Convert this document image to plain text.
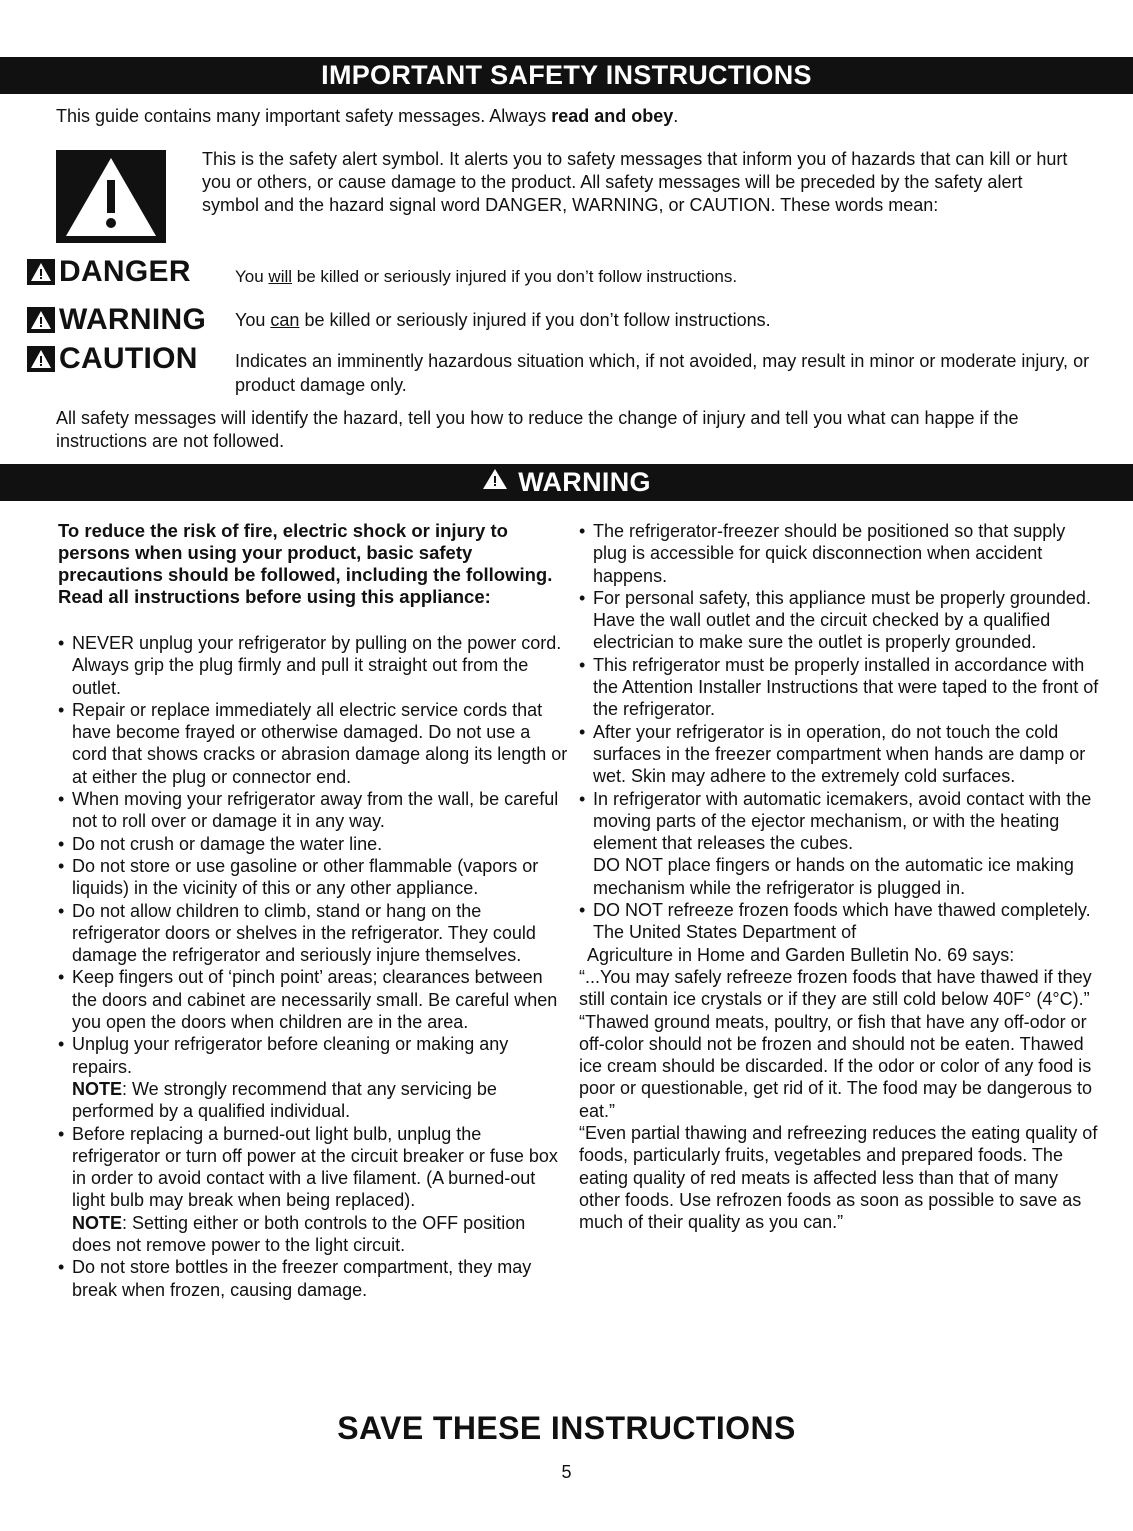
IMPORTANT SAFETY INSTRUCTIONS
This guide contains many important safety messages. Always read and obey.
This is the safety alert symbol. It alerts you to safety messages that inform you of hazards that can kill or hurt you or others, or cause damage to the product. All safety messages will be preceded by the safety alert symbol and the hazard signal word DANGER, WARNING, or CAUTION. These words mean:
DANGER	You will be killed or seriously injured if you don’t follow instructions.
WARNING You can be killed or seriously injured if you don’t follow instructions.
CAUTION Indicates an imminently hazardous situation which, if not avoided, may result in minor or moderate injury, or product damage only.
All safety messages will identify the hazard, tell you how to reduce the change of injury and tell you what can happe if the instructions are not followed.
WARNING

To reduce the risk of fire, electric shock or injury to persons when using your product, basic safety precautions should be followed, including the following. Read all instructions before using this appliance:

• NEVER unplug your refrigerator by pulling on the power cord. Always grip the plug firmly and pull it straight out from the outlet.

• Repair or replace immediately all electric service cords that have become frayed or otherwise damaged. Do not use a cord that shows cracks or abrasion damage along its length or at either the plug or connector end.

• When moving your refrigerator away from the wall, be careful not to roll over or damage it in any way.

• Do not crush or damage the water line.

• Do not store or use gasoline or other flammable (vapors or liquids) in the vicinity of this or any other appliance.

• Do not allow children to climb, stand or hang on the refrigerator doors or shelves in the refrigerator. They could damage the refrigerator and seriously injure themselves.

• Keep fingers out of ‘pinch point’ areas; clearances between the doors and cabinet are necessarily small. Be careful when you open the doors when children are in the area.

• Unplug your refrigerator before cleaning or making any repairs.

NOTE: We strongly recommend that any servicing be performed by a qualified individual.

• Before replacing a burned-out light bulb, unplug the refrigerator or turn off power at the circuit breaker or fuse box in order to avoid contact with a live filament. (A burned-out light bulb may break when being replaced).

NOTE: Setting either or both controls to the OFF position does not remove power to the light circuit.

• Do not store bottles in the freezer compartment, they may break when frozen, causing damage.

• The refrigerator-freezer should be positioned so that supply plug is accessible for quick disconnection when accident happens.

• For personal safety, this appliance must be properly grounded. Have the wall outlet and the circuit checked by a qualified electrician to make sure the outlet is properly grounded.

• This refrigerator must be properly installed in accordance with the Attention Installer Instructions that were taped to the front of the refrigerator.

• After your refrigerator is in operation, do not touch the cold surfaces in the freezer compartment when hands are damp or wet. Skin may adhere to the extremely cold surfaces.

• In refrigerator with automatic icemakers, avoid contact with the moving parts of the ejector mechanism, or with the heating element that releases the cubes.

DO NOT place fingers or hands on the automatic ice making mechanism while the refrigerator is plugged in.

• DO NOT refreeze frozen foods which have thawed completely. The United States Department of

Agriculture in Home and Garden Bulletin No. 69 says:

“...You may safely refreeze frozen foods that have thawed if they still contain ice crystals or if they are still cold below 40F° (4°C).”

“Thawed ground meats, poultry, or fish that have any off-odor or off-color should not be frozen and should not be eaten. Thawed ice cream should be discarded. If the odor or color of any food is poor or questionable, get rid of it. The food may be dangerous to eat.”

“Even partial thawing and refreezing reduces the eating quality of foods, particularly fruits, vegetables and prepared foods. The eating quality of red meats is affected less than that of many other foods. Use refrozen foods as soon as possible to save as much of their quality as you can.”

SAVE THESE INSTRUCTIONS
5
